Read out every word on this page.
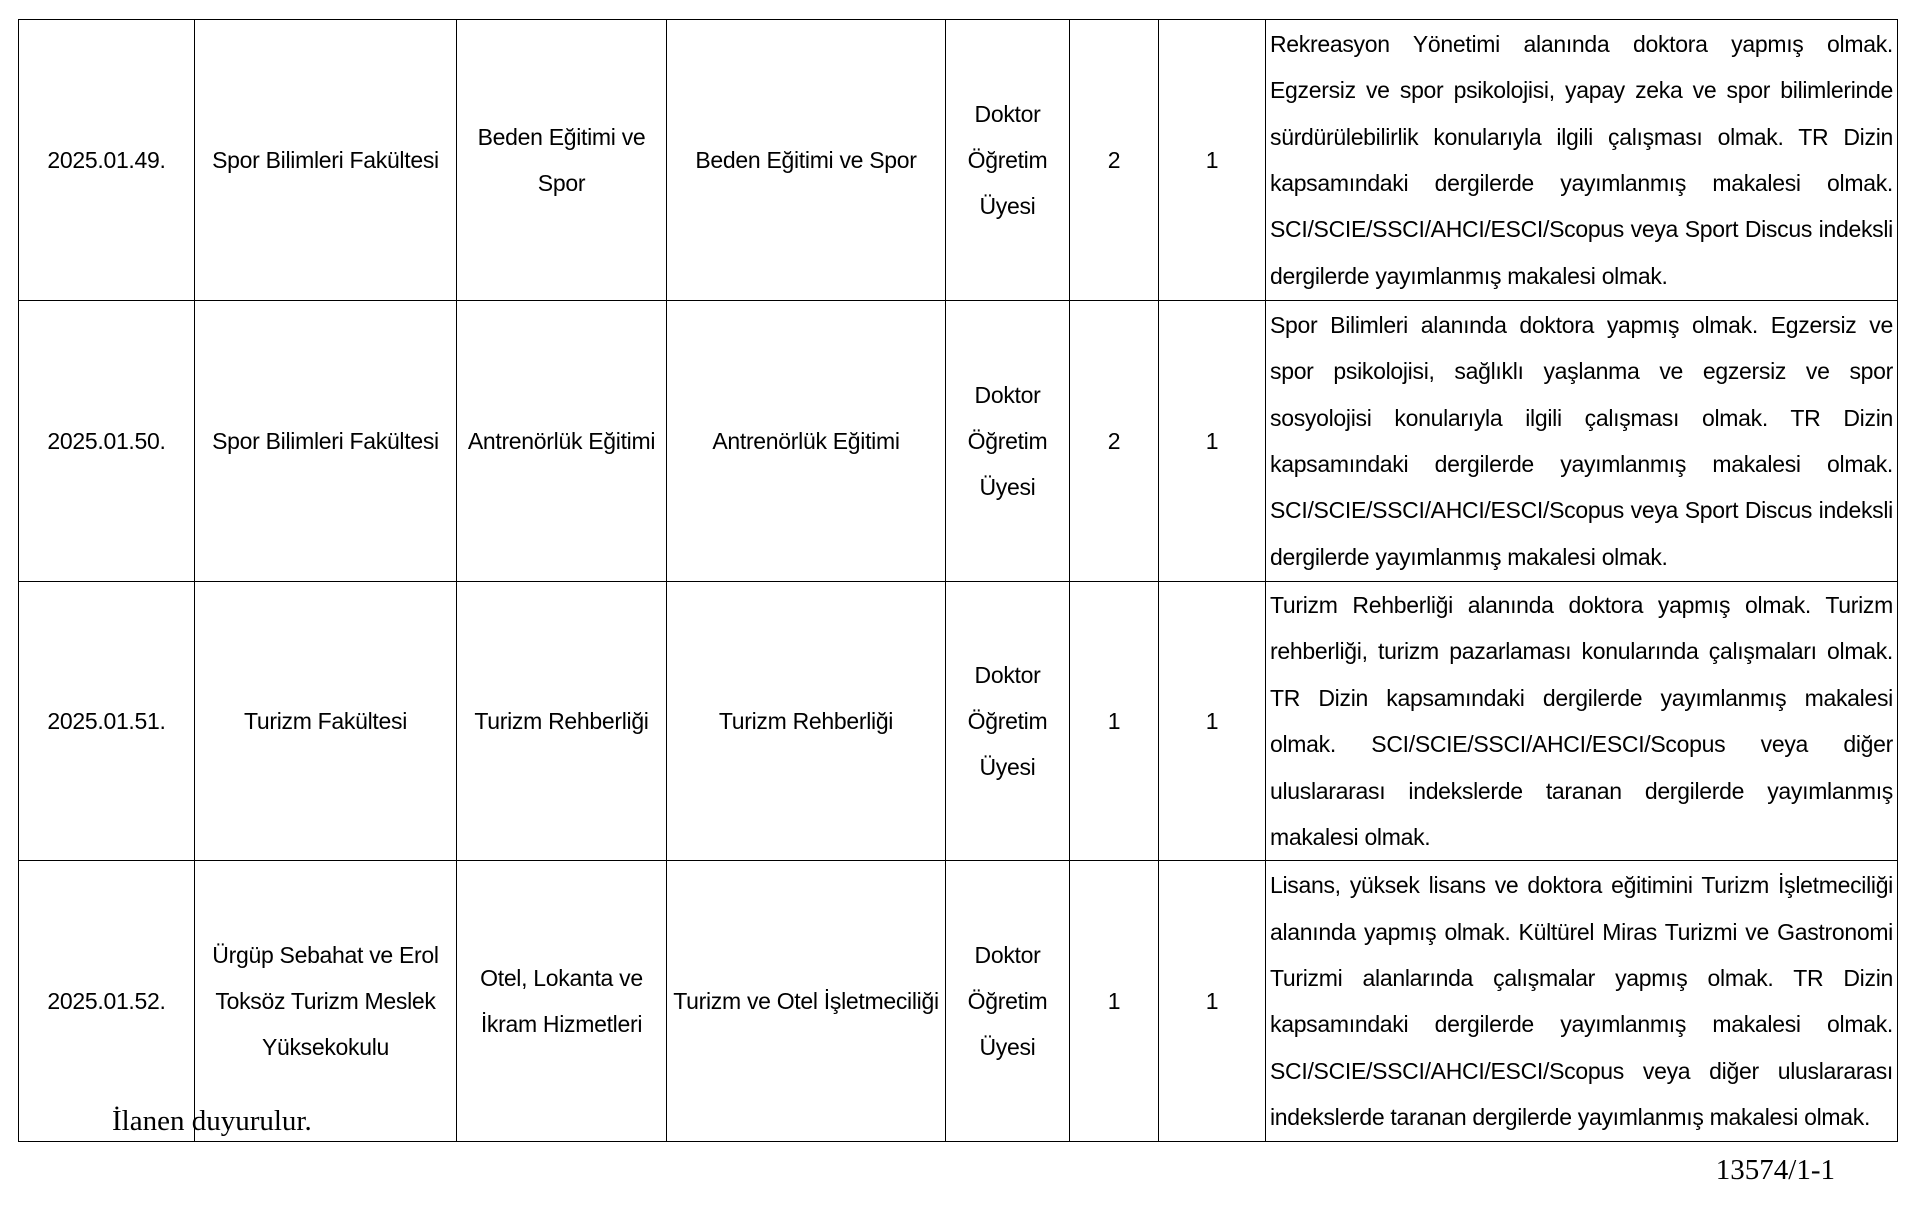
2025.01.49.	Spor Bilimleri Fakültesi	Beden Eğitimi ve Spor	Beden Eğitimi ve Spor	Doktor Öğretim Üyesi	2	1	Rekreasyon Yönetimi alanında doktora yapmış olmak. Egzersiz ve spor psikolojisi, yapay zeka ve spor bilimlerinde sürdürülebilirlik konularıyla ilgili çalışması olmak. TR Dizin kapsamındaki dergilerde yayımlanmış makalesi olmak. SCI/SCIE/SSCI/AHCI/ESCI/Scopus veya Sport Discus indeksli dergilerde yayımlanmış makalesi olmak.
2025.01.50.	Spor Bilimleri Fakültesi	Antrenörlük Eğitimi	Antrenörlük Eğitimi	Doktor Öğretim Üyesi	2	1	Spor Bilimleri alanında doktora yapmış olmak. Egzersiz ve spor psikolojisi, sağlıklı yaşlanma ve egzersiz ve spor sosyolojisi konularıyla ilgili çalışması olmak. TR Dizin kapsamındaki dergilerde yayımlanmış makalesi olmak. SCI/SCIE/SSCI/AHCI/ESCI/Scopus veya Sport Discus indeksli dergilerde yayımlanmış makalesi olmak.
2025.01.51.	Turizm Fakültesi	Turizm Rehberliği	Turizm Rehberliği	Doktor Öğretim Üyesi	1	1	Turizm Rehberliği alanında doktora yapmış olmak. Turizm rehberliği, turizm pazarlaması konularında çalışmaları olmak. TR Dizin kapsamındaki dergilerde yayımlanmış makalesi olmak. SCI/SCIE/SSCI/AHCI/ESCI/Scopus veya diğer uluslararası indekslerde taranan dergilerde yayımlanmış makalesi olmak.
2025.01.52.	Ürgüp Sebahat ve Erol Toksöz Turizm Meslek Yüksekokulu	Otel, Lokanta ve İkram Hizmetleri	Turizm ve Otel İşletmeciliği	Doktor Öğretim Üyesi	1	1	Lisans, yüksek lisans ve doktora eğitimini Turizm İşletmeciliği alanında yapmış olmak. Kültürel Miras Turizmi ve Gastronomi Turizmi alanlarında çalışmalar yapmış olmak. TR Dizin kapsamındaki dergilerde yayımlanmış makalesi olmak. SCI/SCIE/SSCI/AHCI/ESCI/Scopus veya diğer uluslararası indekslerde taranan dergilerde yayımlanmış makalesi olmak.
İlanen duyurulur.
13574/1-1
